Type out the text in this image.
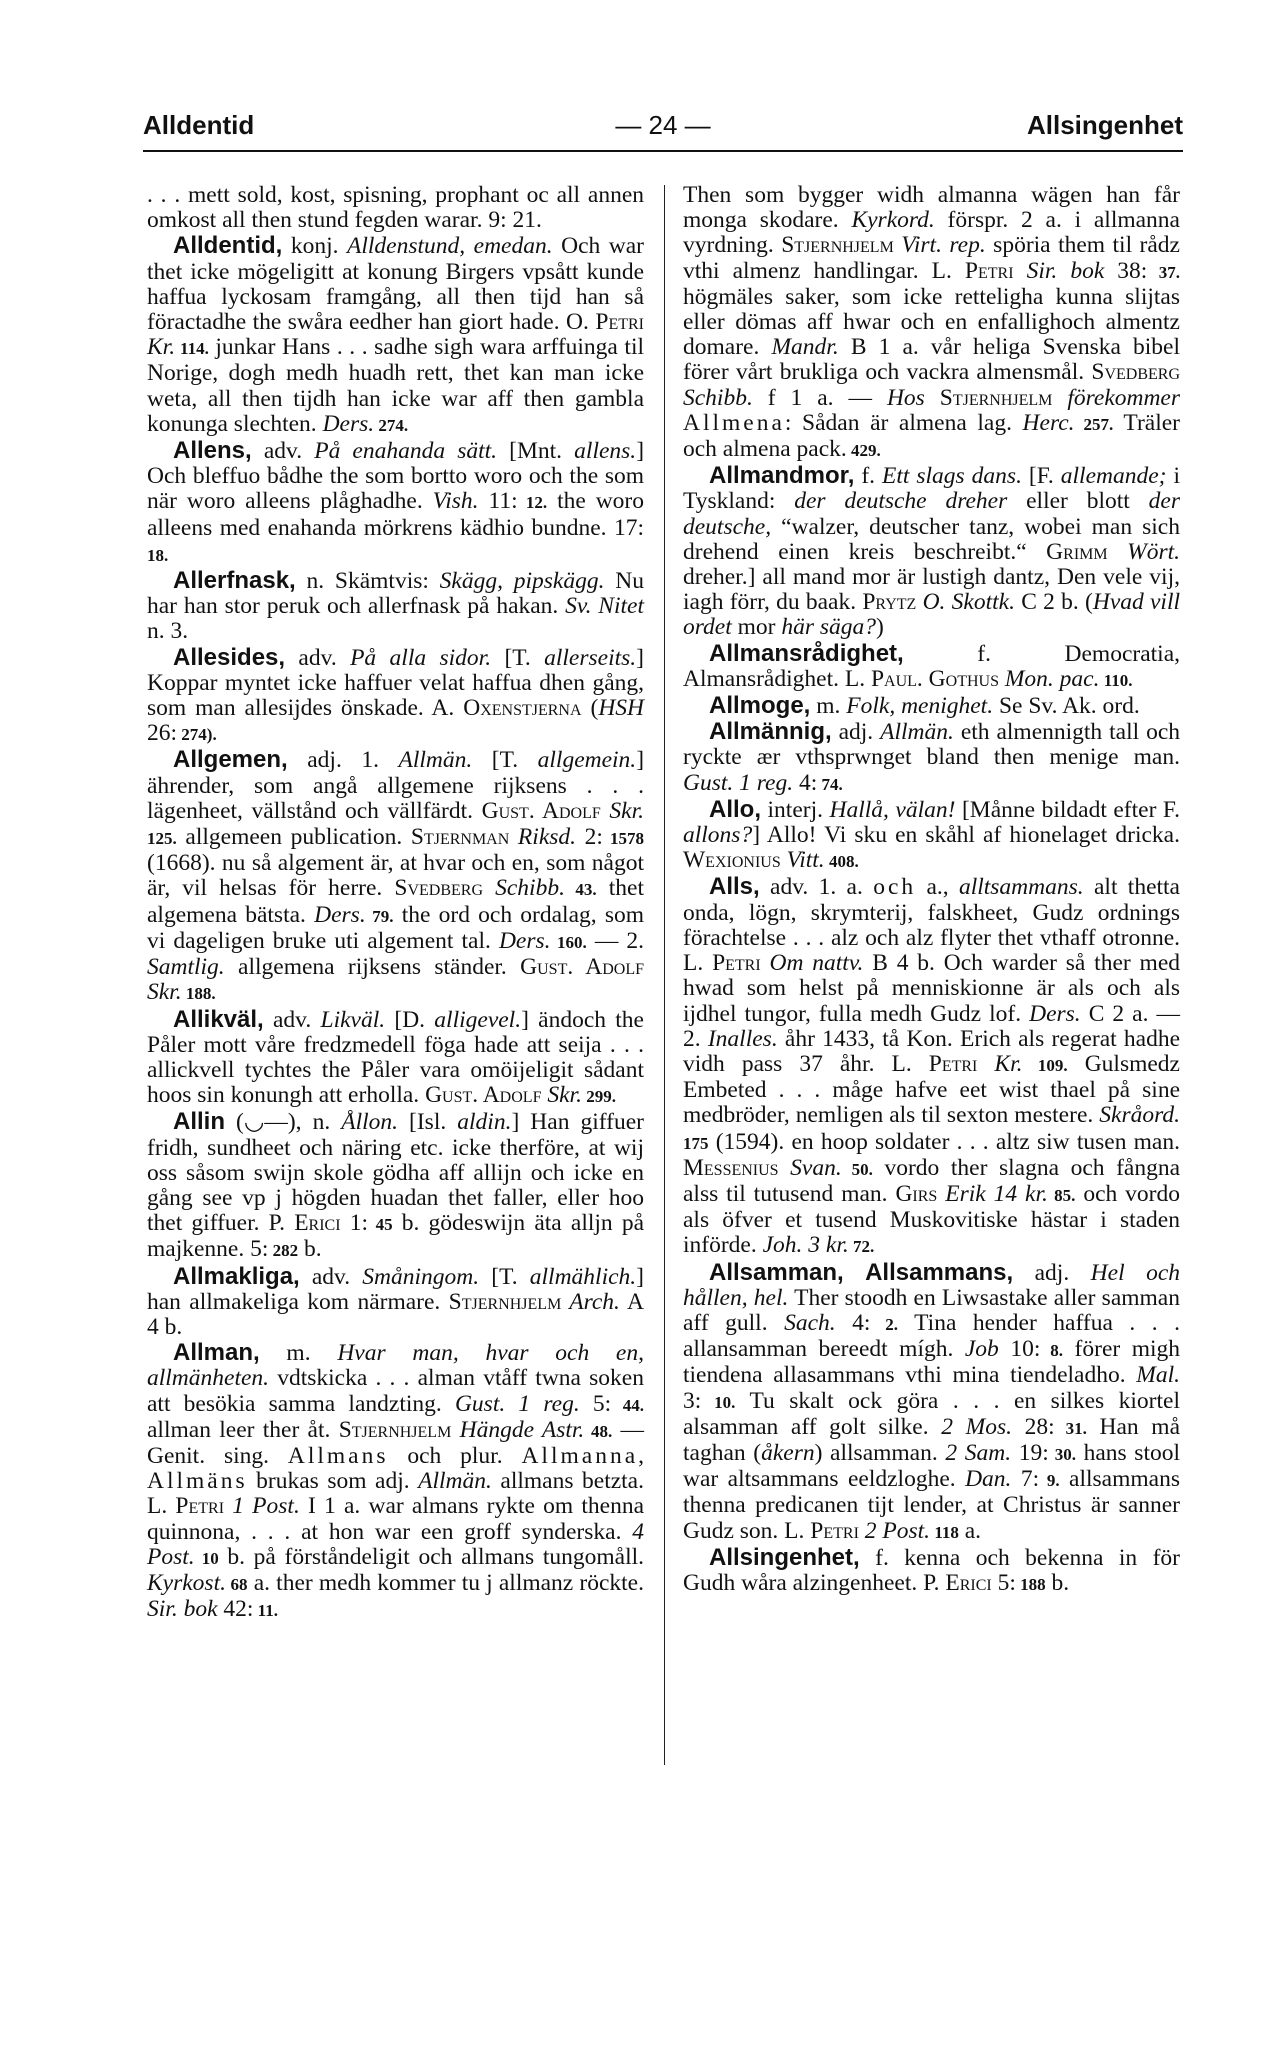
Alldentid	— 24 —	Allsingenhet

. . . mett sold, kost, spisning, prophant oc all annen omkost all then stund fegden warar. 9: 21.

Alldentid, konj. Alldenstund, emedan. Och war thet icke mögeligitt at konung Birgers vpsått kunde haffua lyckosam framgång, all then tijd han så föractadhe the swåra eedher han giort hade. O. Petri Kr. 114. junkar Hans . . . sadhe sigh wara arffuinga til Norige, dogh medh huadh rett, thet kan man icke weta, all then tijdh han icke war aff then gambla konunga slechten. Ders. 274.

Allens, adv. På enahanda sätt. [Mnt. allens.] Och bleffuo bådhe the som bortto woro och the som när woro alleens plåghadhe. Vish. 11: 12. the woro alleens med enahanda mörkrens kädhio bundne. 17: 18.

Allerfnask, n. Skämtvis: Skägg, pipskägg. Nu har han stor peruk och allerfnask på hakan. Sv. Nitet n. 3.

Allesides, adv. På alla sidor. [T. allerseits.] Koppar myntet icke haffuer velat haffua dhen gång, som man allesijdes önskade. A. Oxenstjerna (HSH 26: 274).

Allgemen, adj. 1. Allmän. [T. allgemein.] ährender, som angå allgemene rijksens . . . lägenheet, vällstånd och vällfärdt. Gust. Adolf Skr. 125. allgemeen publication. Stjernman Riksd. 2: 1578 (1668). nu så algement är, at hvar och en, som något är, vil helsas för herre. Svedberg Schibb. 43. thet algemena bätsta. Ders. 79. the ord och ordalag, som vi dageligen bruke uti algement tal. Ders. 160. — 2. Samtlig. allgemena rijksens ständer. Gust. Adolf Skr. 188.

Allikväl, adv. Likväl. [D. alligevel.] ändoch the Påler mott våre fredzmedell föga hade att seija . . . allickvell tychtes the Påler vara omöijeligit sådant hoos sin konungh att erholla. Gust. Adolf Skr. 299.

Allin (◡—), n. Ållon. [Isl. aldin.] Han giffuer fridh, sundheet och näring etc. icke therföre, at wij oss såsom swijn skole gödha aff allijn och icke en gång see vp j högden huadan thet faller, eller hoo thet giffuer. P. Erici 1: 45 b. gödeswijn äta alljn på majkenne. 5: 282 b.

Allmakliga, adv. Småningom. [T. allmählich.] han allmakeliga kom närmare. Stjernhjelm Arch. A 4 b.

Allman, m. Hvar man, hvar och en, allmänheten. vdtskicka . . . alman vtåff twna soken att besökia samma landzting. Gust. 1 reg. 5: 44. allman leer ther åt. Stjernhjelm Hängde Astr. 48. — Genit. sing. Allmans och plur. Allmanna, Allmäns brukas som adj. Allmän. allmans betzta. L. Petri 1 Post. I 1 a. war almans rykte om thenna quinnona, . . . at hon war een groff synderska. 4 Post. 10 b. på förståndeligit och allmans tungomåll. Kyrkost. 68 a. ther medh kommer tu j allmanz röckte. Sir. bok 42: 11.

Then som bygger widh almanna wägen han får monga skodare. Kyrkord. förspr. 2 a. i allmanna vyrdning. Stjernhjelm Virt. rep. spöria them til rådz vthi almenz handlingar. L. Petri Sir. bok 38: 37. högmäles saker, som icke retteligha kunna slijtas eller dömas aff hwar och en enfallighoch almentz domare. Mandr. B 1 a. vår heliga Svenska bibel förer vårt brukliga och vackra almensmål. Svedberg Schibb. f 1 a. — Hos Stjernhjelm förekommer Allmena: Sådan är almena lag. Herc. 257. Träler och almena pack. 429.

Allmandmor, f. Ett slags dans. [F. allemande; i Tyskland: der deutsche dreher eller blott der deutsche, “walzer, deutscher tanz, wobei man sich drehend einen kreis beschreibt.“ Grimm Wört. dreher.] all mand mor är lustigh dantz, Den vele vij, iagh förr, du baak. Prytz O. Skottk. C 2 b. (Hvad vill ordet mor här säga?)

Allmansrådighet, f. Democratia, Almansrådighet. L. Paul. Gothus Mon. pac. 110.

Allmoge, m. Folk, menighet. Se Sv. Ak. ord.

Allmännig, adj. Allmän. eth almennigth tall och ryckte ær vthsprwnget bland then menige man. Gust. 1 reg. 4: 74.

Allo, interj. Hallå, välan! [Månne bildadt efter F. allons?] Allo! Vi sku en skåhl af hionelaget dricka. Wexionius Vitt. 408.

Alls, adv. 1. a. och a., alltsammans. alt thetta onda, lögn, skrymterij, falskheet, Gudz ordnings förachtelse . . . alz och alz flyter thet vthaff otronne. L. Petri Om nattv. B 4 b. Och warder så ther med hwad som helst på menniskionne är als och als ijdhel tungor, fulla medh Gudz lof. Ders. C 2 a. — 2. Inalles. åhr 1433, tå Kon. Erich als regerat hadhe vidh pass 37 åhr. L. Petri Kr. 109. Gulsmedz Embeted . . . måge hafve eet wist thael på sine medbröder, nemligen als til sexton mestere. Skråord. 175 (1594). en hoop soldater . . . altz siw tusen man. Messenius Svan. 50. vordo ther slagna och fångna alss til tutusend man. Girs Erik 14 kr. 85. och vordo als öfver et tusend Muskovitiske hästar i staden införde. Joh. 3 kr. 72.

Allsamman, Allsammans, adj. Hel och hållen, hel. Ther stoodh en Liwsastake aller samman aff gull. Sach. 4: 2. Tina hender haffua . . . allansamman bereedt mígh. Job 10: 8. förer migh tiendena allasammans vthi mina tiendeladho. Mal. 3: 10. Tu skalt ock göra . . . en silkes kiortel alsamman aff golt silke. 2 Mos. 28: 31. Han må taghan (åkern) allsamman. 2 Sam. 19: 30. hans stool war altsammans eeldzloghe. Dan. 7: 9. allsammans thenna predicanen tijt lender, at Christus är sanner Gudz son. L. Petri 2 Post. 118 a.

Allsingenhet, f. kenna och bekenna in för Gudh wåra alzingenheet. P. Erici 5: 188 b.
